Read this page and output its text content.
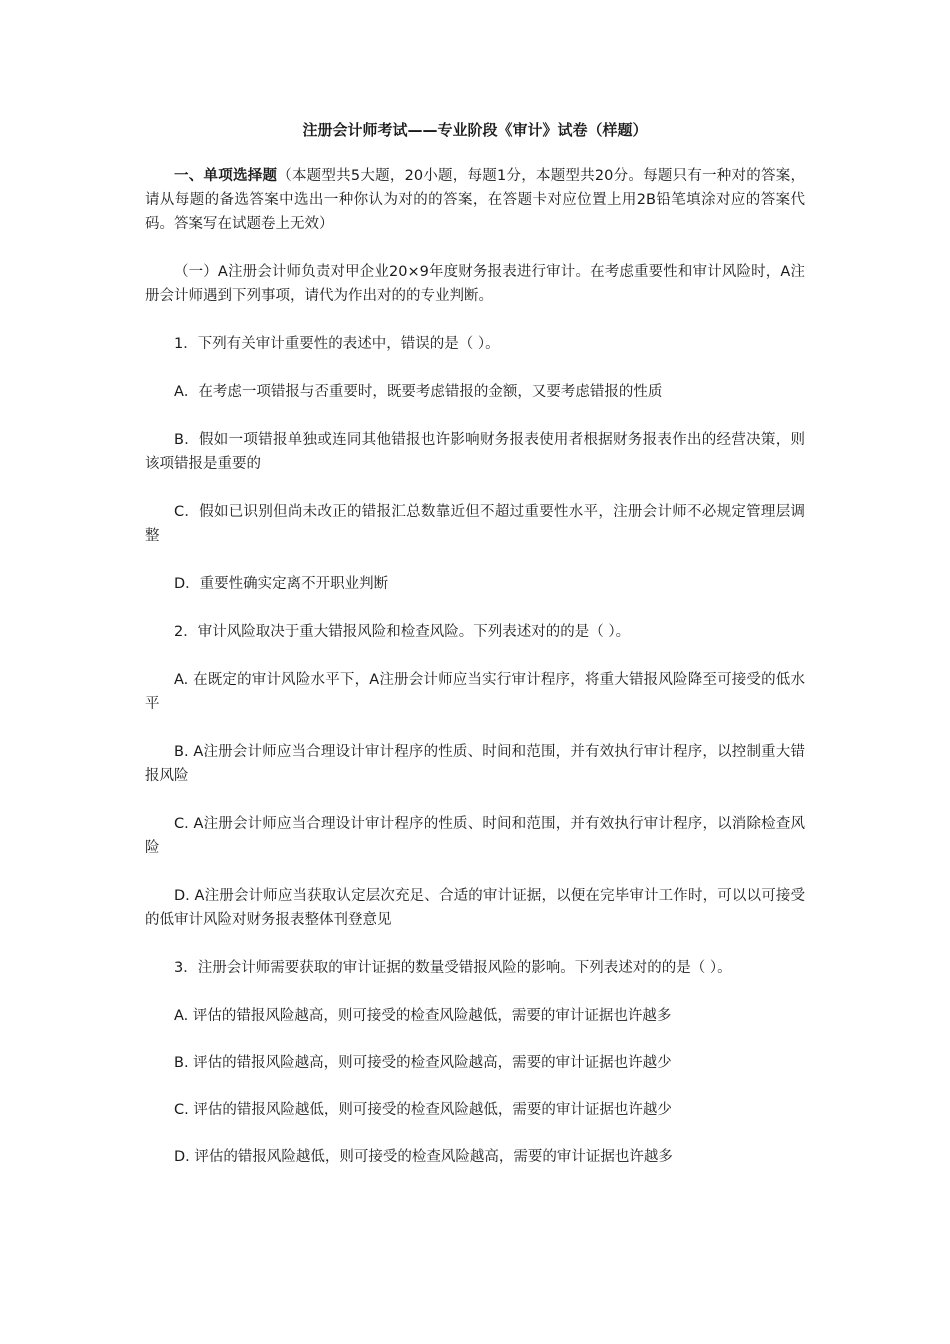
注册会计师考试——专业阶段《审计》试卷（样题）

一、单项选择题（本题型共5大题，20小题，每题1分，本题型共20分。每题只有一种对的答案，请从每题的备选答案中选出一种你认为对的的答案，在答题卡对应位置上用2B铅笔填涂对应的答案代码。答案写在试题卷上无效）

（一）A注册会计师负责对甲企业20×9年度财务报表进行审计。在考虑重要性和审计风险时，A注册会计师遇到下列事项，请代为作出对的的专业判断。

1．下列有关审计重要性的表述中，错误的是（ ）。

A．在考虑一项错报与否重要时，既要考虑错报的金额，又要考虑错报的性质

B．假如一项错报单独或连同其他错报也许影响财务报表使用者根据财务报表作出的经营决策，则该项错报是重要的

C．假如已识别但尚未改正的错报汇总数靠近但不超过重要性水平，注册会计师不必规定管理层调整

D．重要性确实定离不开职业判断

2．审计风险取决于重大错报风险和检查风险。下列表述对的的是（ ）。

A. 在既定的审计风险水平下，A注册会计师应当实行审计程序，将重大错报风险降至可接受的低水平

B. A注册会计师应当合理设计审计程序的性质、时间和范围，并有效执行审计程序，以控制重大错报风险

C. A注册会计师应当合理设计审计程序的性质、时间和范围，并有效执行审计程序，以消除检查风险

D. A注册会计师应当获取认定层次充足、合适的审计证据，以便在完毕审计工作时，可以以可接受的低审计风险对财务报表整体刊登意见

3．注册会计师需要获取的审计证据的数量受错报风险的影响。下列表述对的的是（ ）。

A. 评估的错报风险越高，则可接受的检查风险越低，需要的审计证据也许越多

B. 评估的错报风险越高，则可接受的检查风险越高，需要的审计证据也许越少

C. 评估的错报风险越低，则可接受的检查风险越低，需要的审计证据也许越少

D. 评估的错报风险越低，则可接受的检查风险越高，需要的审计证据也许越多
